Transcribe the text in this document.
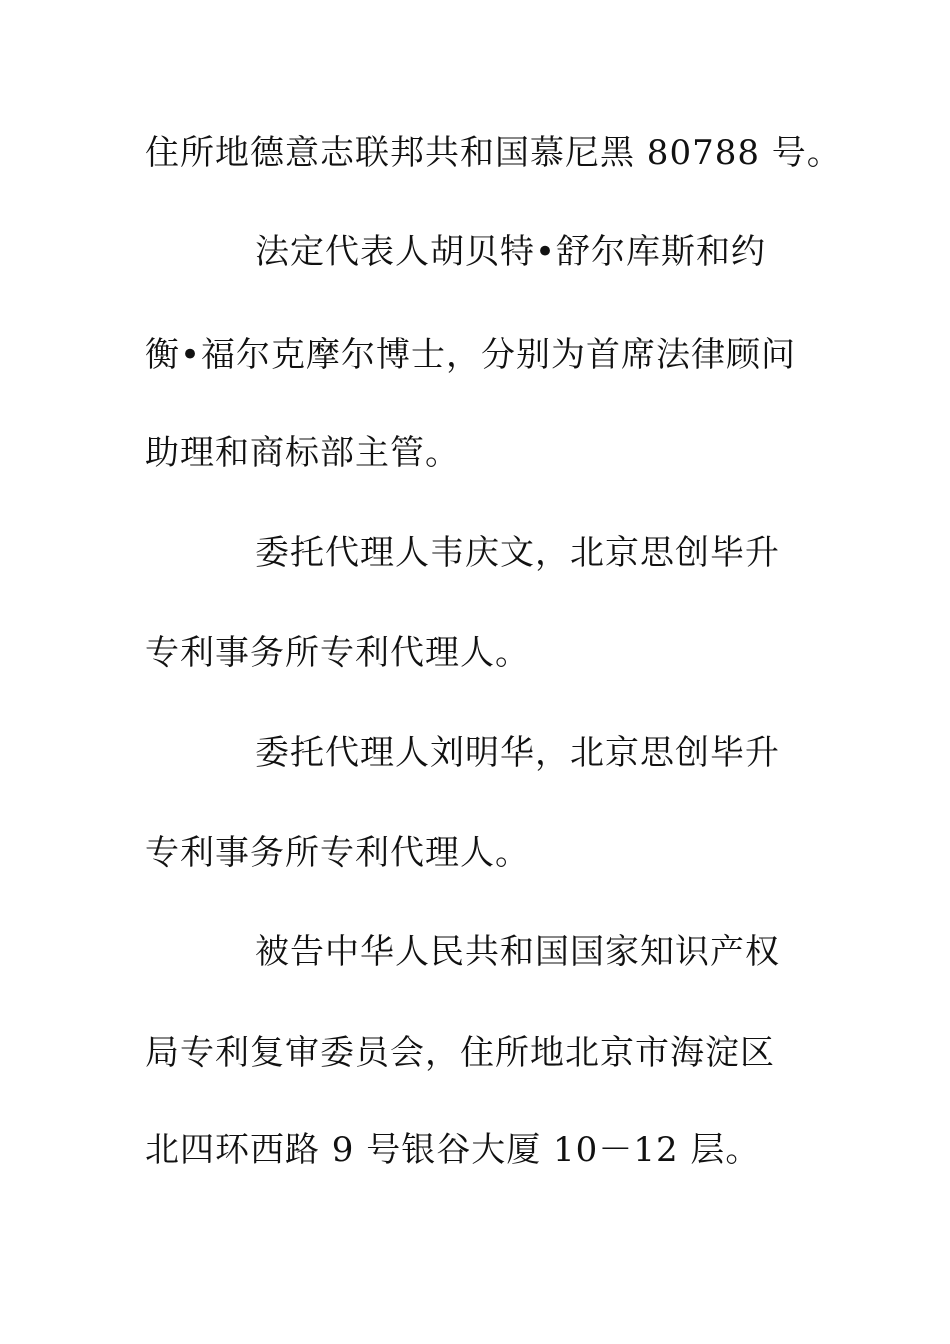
住所地德意志联邦共和国慕尼黑 80788 号。
法定代表人胡贝特•舒尔库斯和约
衡•福尔克摩尔博士，分别为首席法律顾问
助理和商标部主管。
委托代理人韦庆文，北京思创毕升
专利事务所专利代理人。
委托代理人刘明华，北京思创毕升
专利事务所专利代理人。
被告中华人民共和国国家知识产权
局专利复审委员会，住所地北京市海淀区
北四环西路 9 号银谷大厦 10－12 层。
